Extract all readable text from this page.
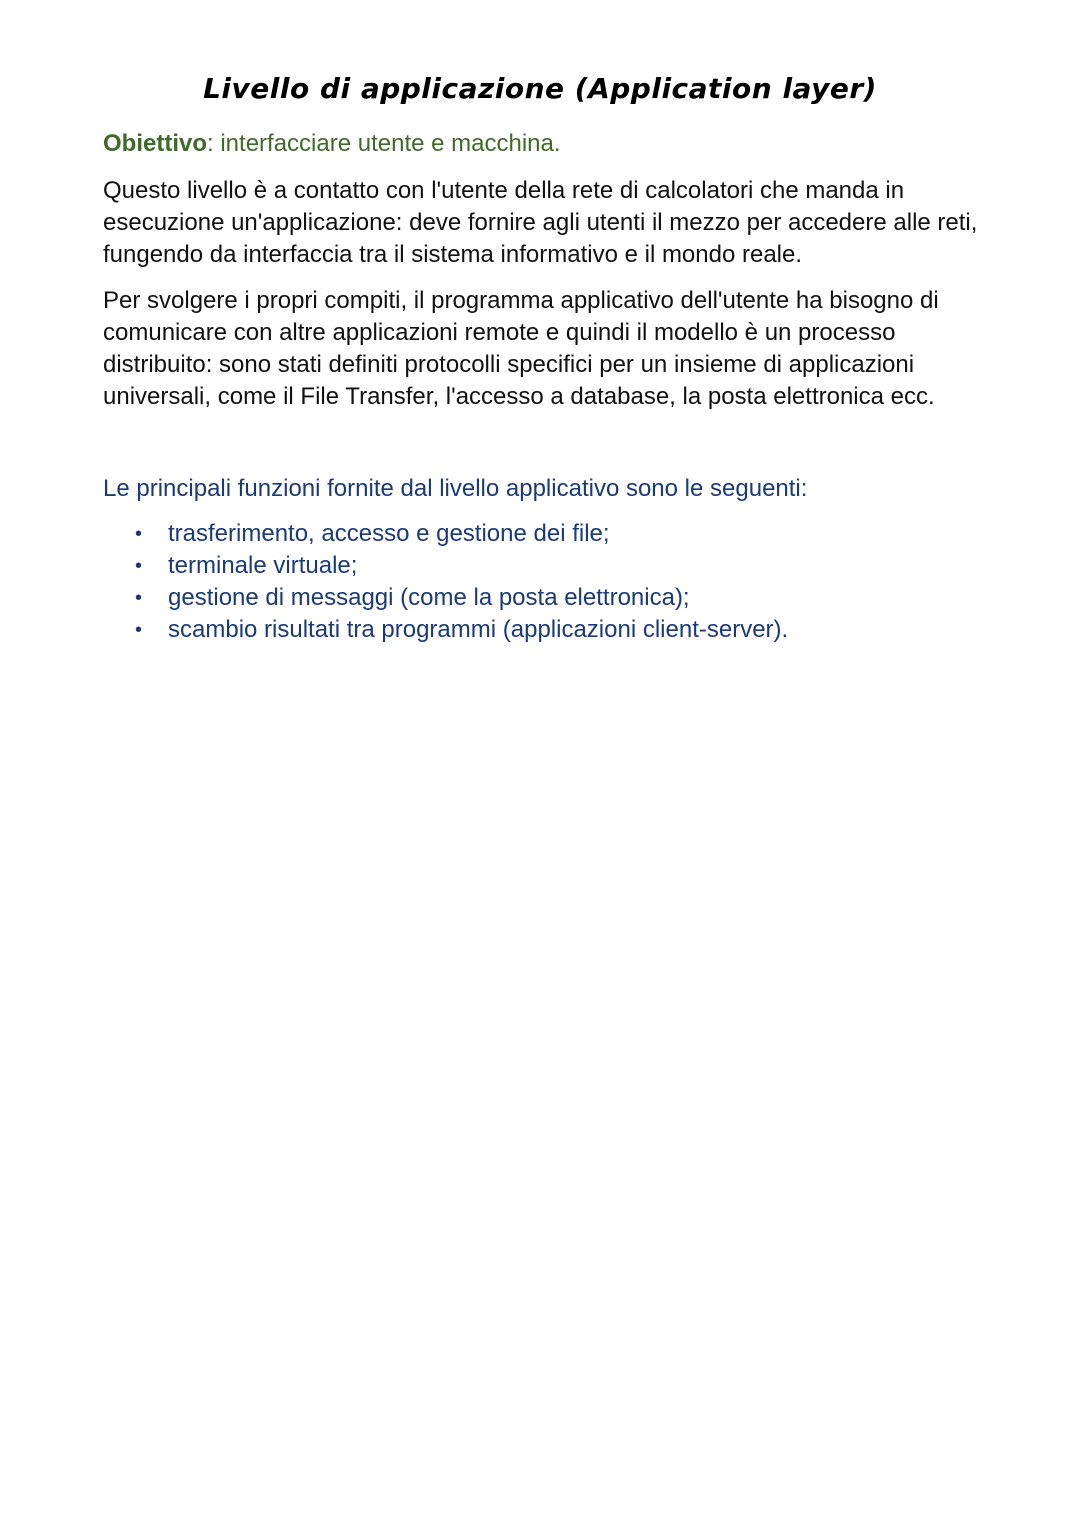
Livello di applicazione (Application layer)

Obiettivo: interfacciare utente e macchina.

Questo livello è a contatto con l'utente della rete di calcolatori che manda in esecuzione un'applicazione: deve fornire agli utenti il mezzo per accedere alle reti, fungendo da interfaccia tra il sistema informativo e il mondo reale.

Per svolgere i propri compiti, il programma applicativo dell'utente ha bisogno di comunicare con altre applicazioni remote e quindi il modello è un processo distribuito: sono stati definiti protocolli specifici per un insieme di applicazioni universali, come il File Transfer, l'accesso a database, la posta elettronica ecc.

Le principali funzioni fornite dal livello applicativo sono le seguenti:

• trasferimento, accesso e gestione dei file;
• terminale virtuale;
• gestione di messaggi (come la posta elettronica);
• scambio risultati tra programmi (applicazioni client-server).
